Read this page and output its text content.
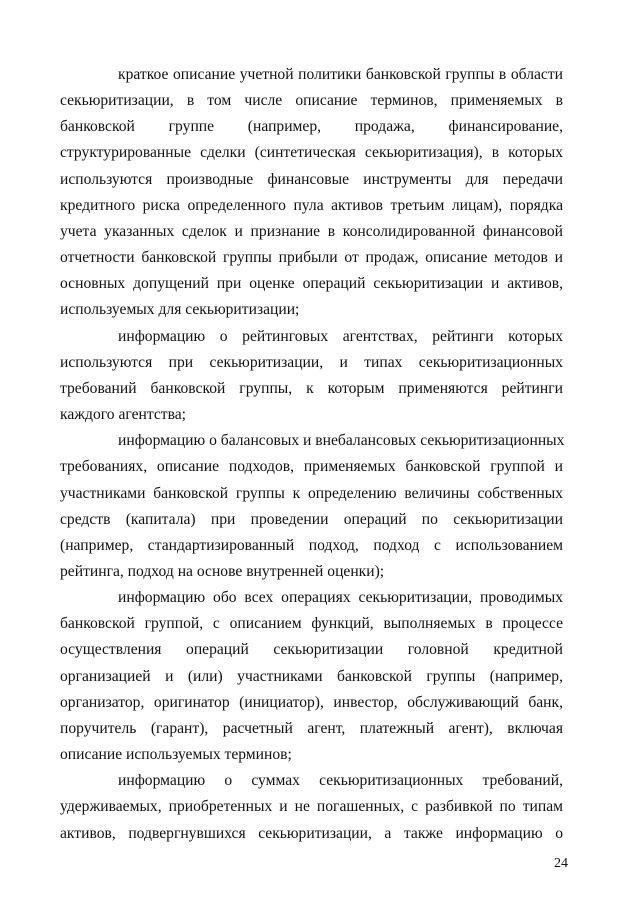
краткое описание учетной политики банковской группы в области
секьюритизации, в том числе описание терминов, применяемых в
банковской группе (например, продажа, финансирование,
структурированные сделки (синтетическая секьюритизация), в которых
используются производные финансовые инструменты для передачи
кредитного риска определенного пула активов третьим лицам), порядка
учета указанных сделок и признание в консолидированной финансовой
отчетности банковской группы прибыли от продаж, описание методов и
основных допущений при оценке операций секьюритизации и активов,
используемых для секьюритизации;

информацию о рейтинговых агентствах, рейтинги которых
используются при секьюритизации, и типах секьюритизационных
требований банковской группы, к которым применяются рейтинги
каждого агентства;

информацию о балансовых и внебалансовых секьюритизационных
требованиях, описание подходов, применяемых банковской группой и
участниками банковской группы к определению величины собственных
средств (капитала) при проведении операций по секьюритизации
(например, стандартизированный подход, подход с использованием
рейтинга, подход на основе внутренней оценки);

информацию обо всех операциях секьюритизации, проводимых
банковской группой, с описанием функций, выполняемых в процессе
осуществления операций секьюритизации головной кредитной
организацией и (или) участниками банковской группы (например,
организатор, оригинатор (инициатор), инвестор, обслуживающий банк,
поручитель (гарант), расчетный агент, платежный агент), включая
описание используемых терминов;

информацию о суммах секьюритизационных требований,
удерживаемых, приобретенных и не погашенных, с разбивкой по типам
активов, подвергнувшихся секьюритизации, а также информацию о

24
